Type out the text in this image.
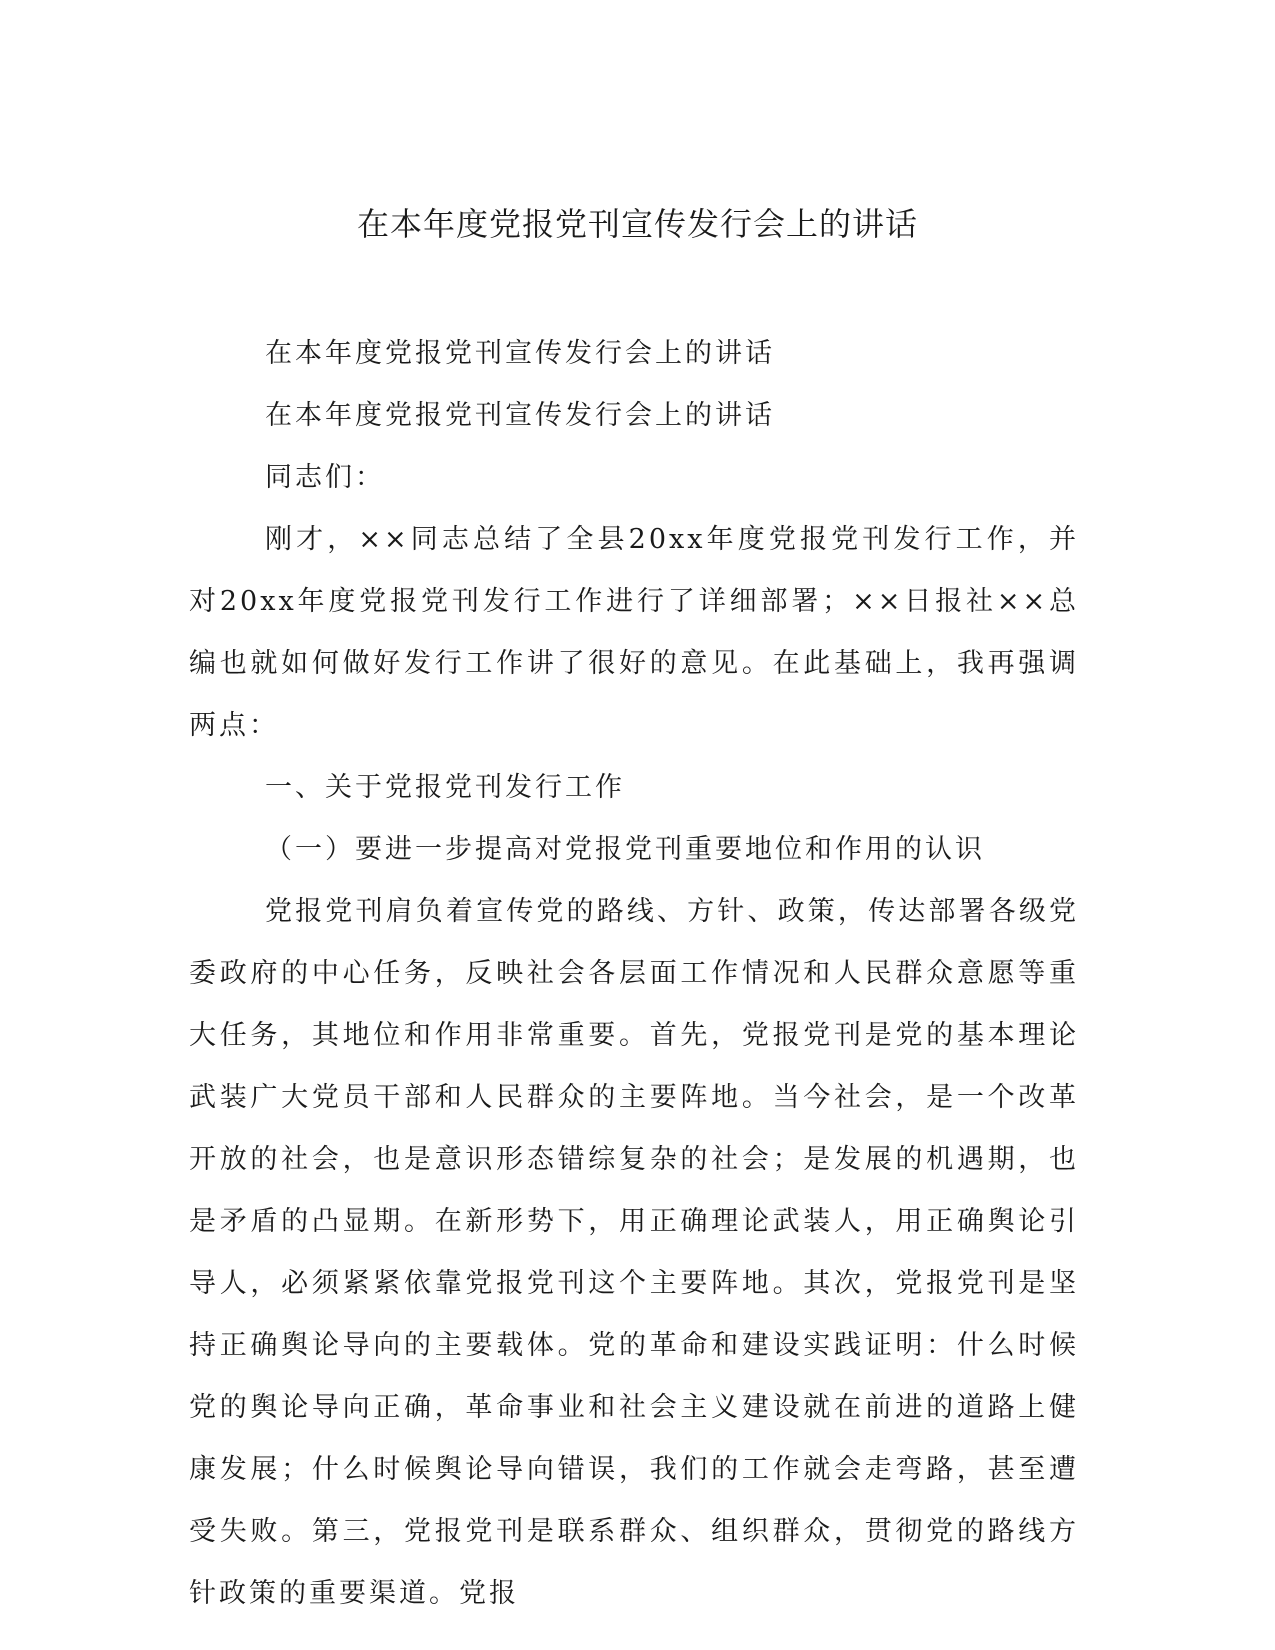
在本年度党报党刊宣传发行会上的讲话

在本年度党报党刊宣传发行会上的讲话

在本年度党报党刊宣传发行会上的讲话

同志们：

刚才，××同志总结了全县20xx年度党报党刊发行工作，并对20xx年度党报党刊发行工作进行了详细部署；××日报社××总编也就如何做好发行工作讲了很好的意见。在此基础上，我再强调两点：

一、关于党报党刊发行工作

（一）要进一步提高对党报党刊重要地位和作用的认识

党报党刊肩负着宣传党的路线、方针、政策，传达部署各级党委政府的中心任务，反映社会各层面工作情况和人民群众意愿等重大任务，其地位和作用非常重要。首先，党报党刊是党的基本理论武装广大党员干部和人民群众的主要阵地。当今社会，是一个改革开放的社会，也是意识形态错综复杂的社会；是发展的机遇期，也是矛盾的凸显期。在新形势下，用正确理论武装人，用正确舆论引导人，必须紧紧依靠党报党刊这个主要阵地。其次，党报党刊是坚持正确舆论导向的主要载体。党的革命和建设实践证明：什么时候党的舆论导向正确，革命事业和社会主义建设就在前进的道路上健康发展；什么时候舆论导向错误，我们的工作就会走弯路，甚至遭受失败。第三，党报党刊是联系群众、组织群众，贯彻党的路线方针政策的重要渠道。党报
